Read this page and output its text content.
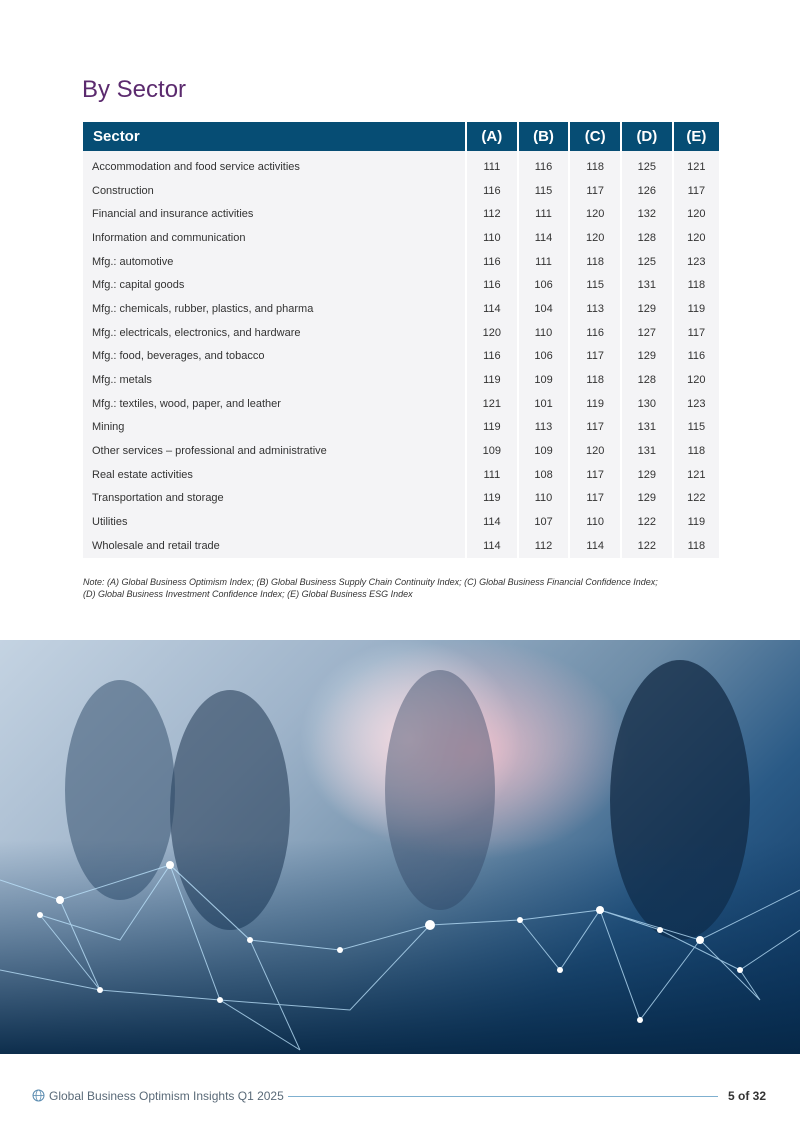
By Sector
Sector	(A)	(B)	(C)	(D)	(E)
Accommodation and food service activities	111	116	118	125	121
Construction	116	115	117	126	117
Financial and insurance activities	112	111	120	132	120
Information and communication	110	114	120	128	120
Mfg.: automotive	116	111	118	125	123
Mfg.: capital goods	116	106	115	131	118
Mfg.: chemicals, rubber, plastics, and pharma	114	104	113	129	119
Mfg.: electricals, electronics, and hardware	120	110	116	127	117
Mfg.: food, beverages, and tobacco	116	106	117	129	116
Mfg.: metals	119	109	118	128	120
Mfg.: textiles, wood, paper, and leather	121	101	119	130	123
Mining	119	113	117	131	115
Other services – professional and administrative	109	109	120	131	118
Real estate activities	111	108	117	129	121
Transportation and storage	119	110	117	129	122
Utilities	114	107	110	122	119
Wholesale and retail trade	114	112	114	122	118
Note: (A) Global Business Optimism Index; (B) Global Business Supply Chain Continuity Index; (C) Global Business Financial Confidence Index;
(D) Global Business Investment Confidence Index; (E) Global Business ESG Index
Global Business Optimism Insights Q1 2025	5 of 32
